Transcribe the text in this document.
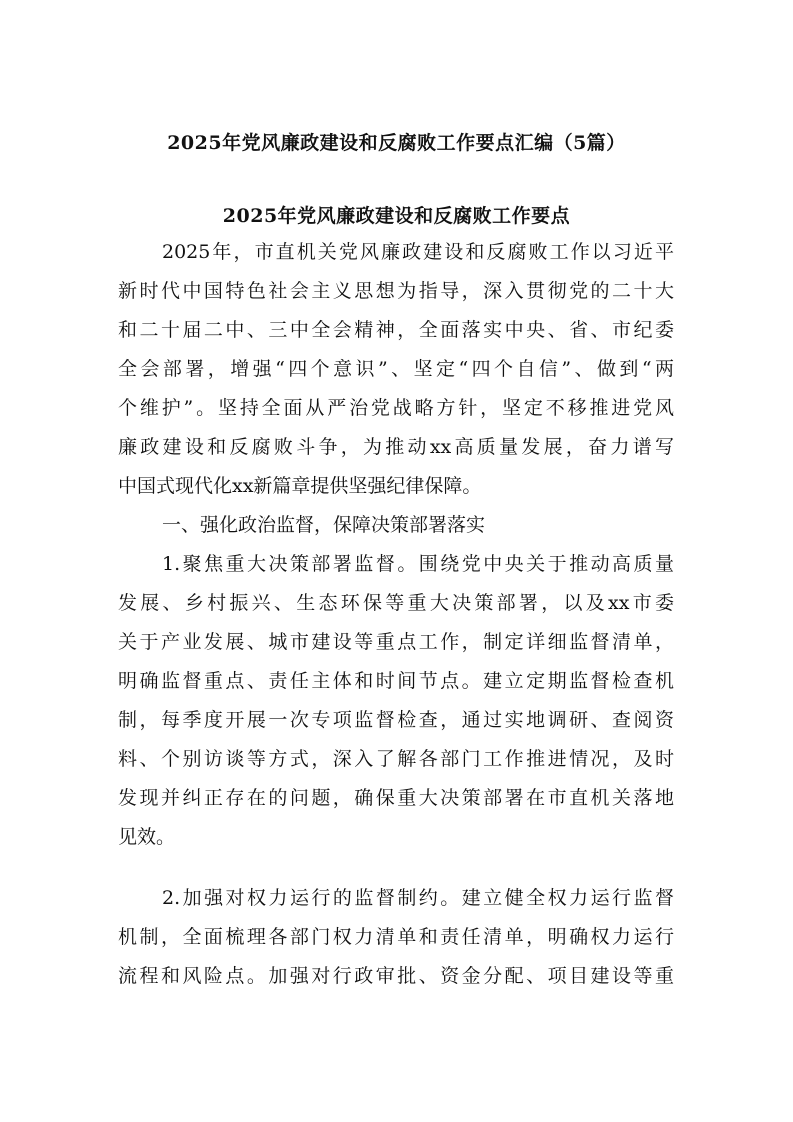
2025年党风廉政建设和反腐败工作要点汇编（5篇）
2025年党风廉政建设和反腐败工作要点
2025年，市直机关党风廉政建设和反腐败工作以习近平
新时代中国特色社会主义思想为指导，深入贯彻党的二十大
和二十届二中、三中全会精神，全面落实中央、省、市纪委
全会部署，增强“四个意识”、坚定“四个自信”、做到“两
个维护”。坚持全面从严治党战略方针，坚定不移推进党风
廉政建设和反腐败斗争，为推动xx高质量发展，奋力谱写
中国式现代化xx新篇章提供坚强纪律保障。
一、强化政治监督，保障决策部署落实
1.聚焦重大决策部署监督。围绕党中央关于推动高质量
发展、乡村振兴、生态环保等重大决策部署，以及xx市委
关于产业发展、城市建设等重点工作，制定详细监督清单，
明确监督重点、责任主体和时间节点。建立定期监督检查机
制，每季度开展一次专项监督检查，通过实地调研、查阅资
料、个别访谈等方式，深入了解各部门工作推进情况，及时
发现并纠正存在的问题，确保重大决策部署在市直机关落地
见效。
2.加强对权力运行的监督制约。建立健全权力运行监督
机制，全面梳理各部门权力清单和责任清单，明确权力运行
流程和风险点。加强对行政审批、资金分配、项目建设等重
